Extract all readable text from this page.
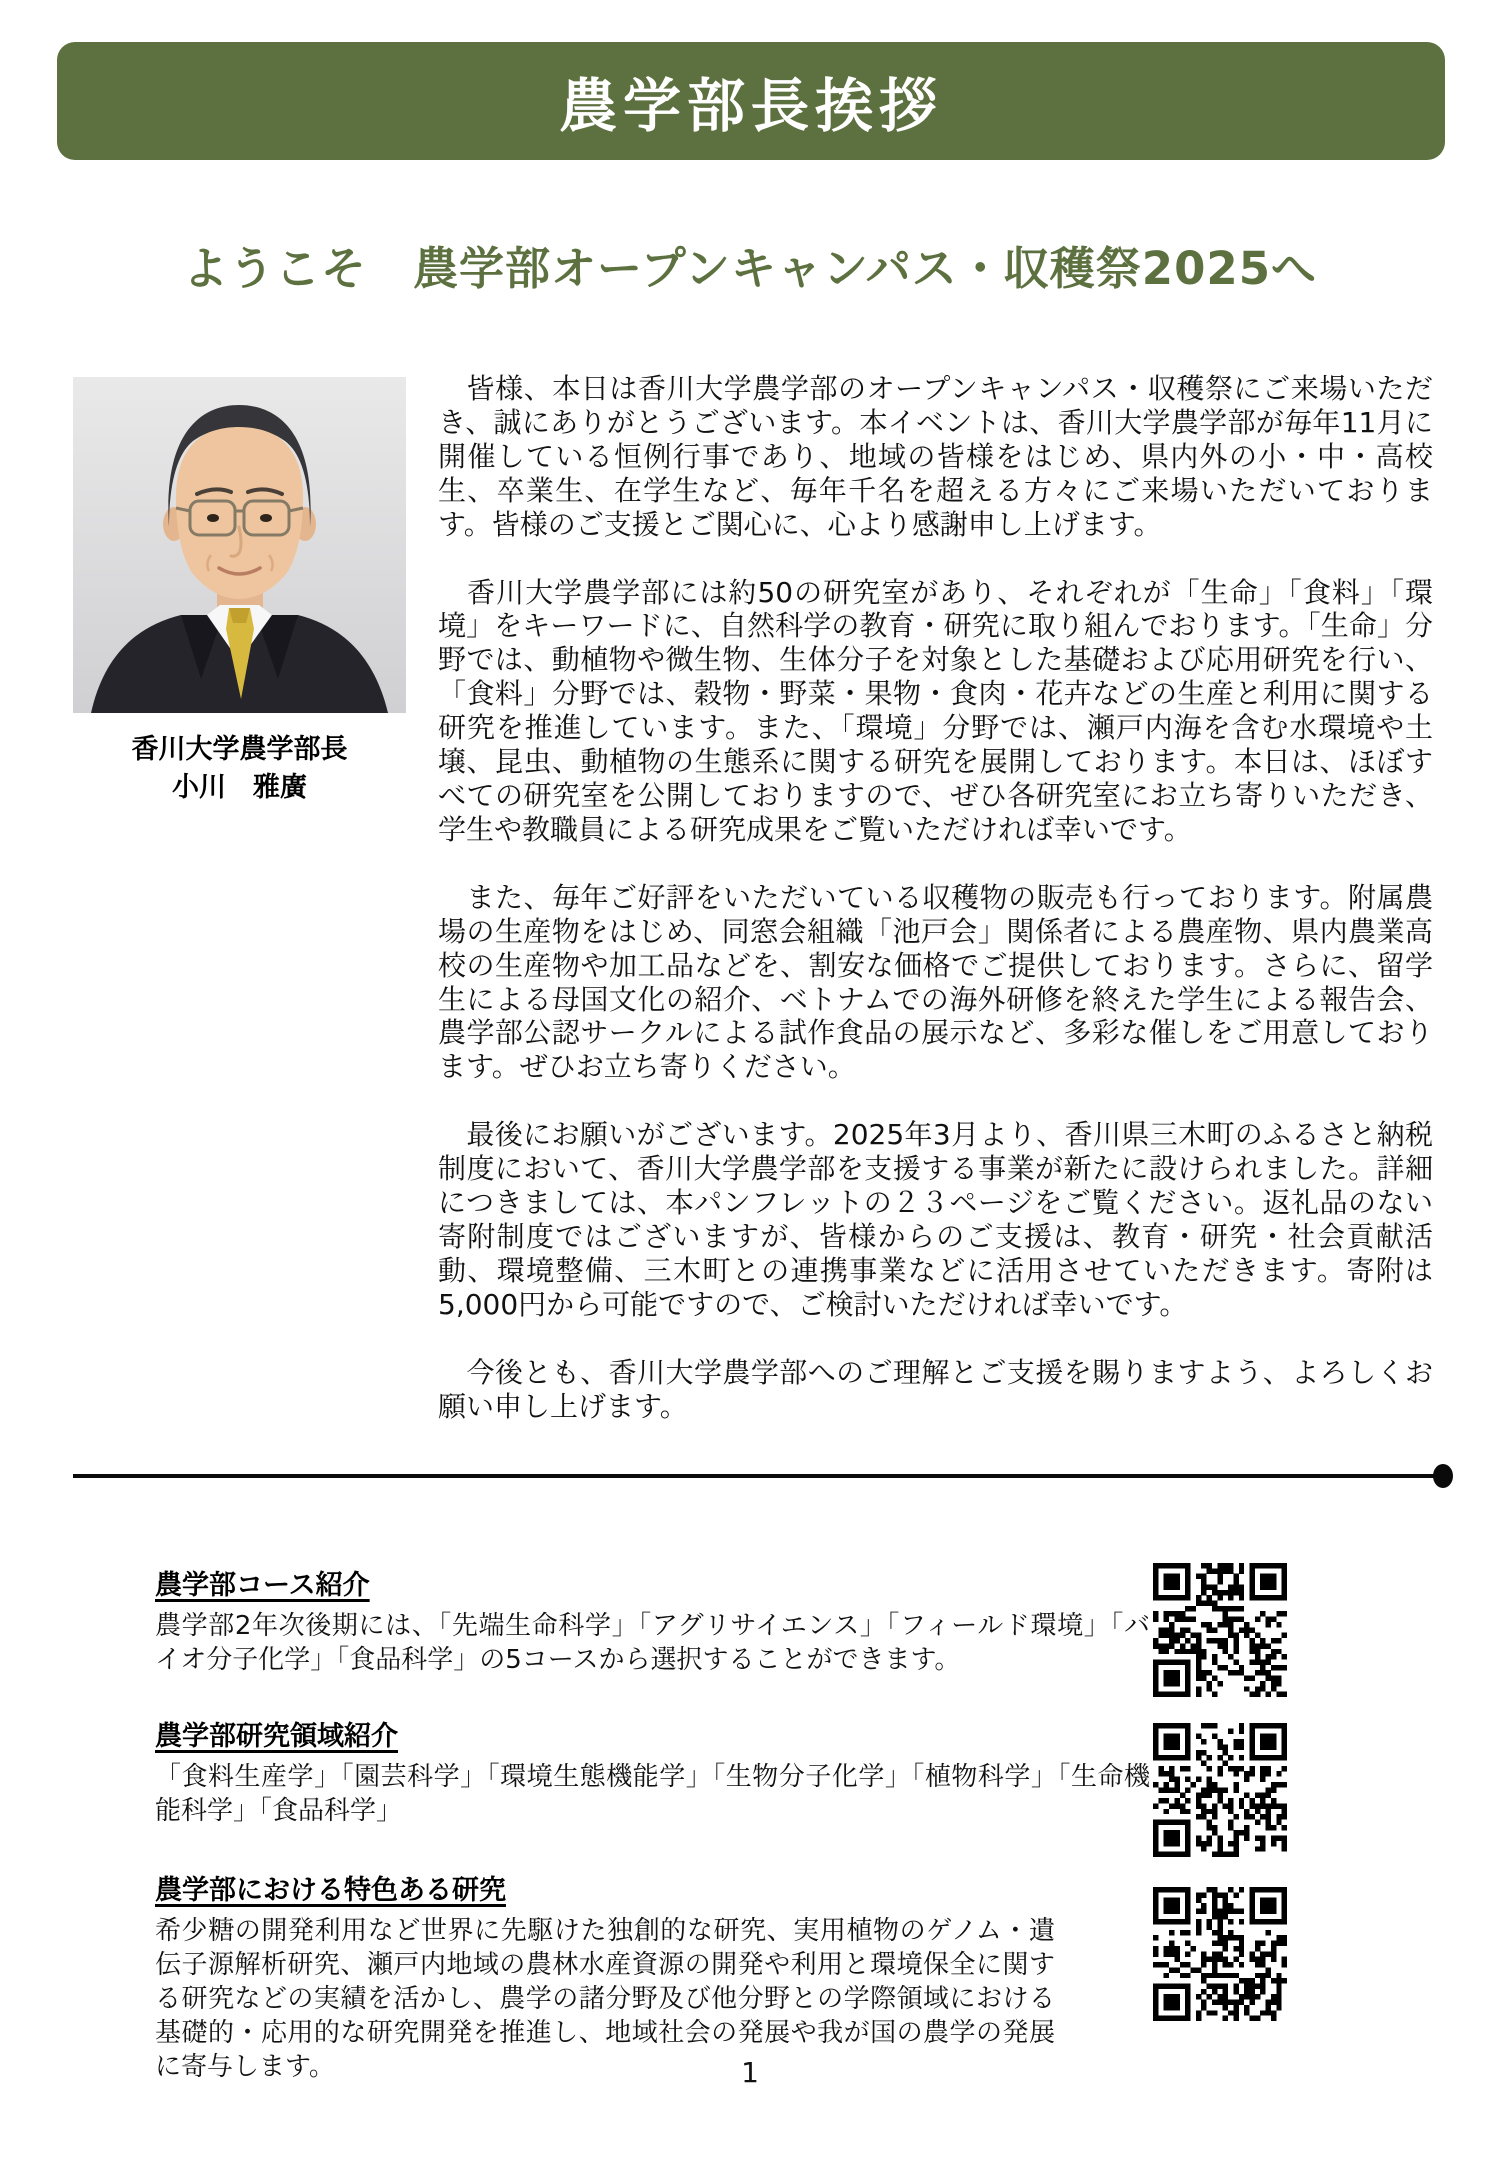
農学部長挨拶
ようこそ　農学部オープンキャンパス・収穫祭2025へ
香川大学農学部長
小川　雅廣

　皆様、本日は香川大学農学部のオープンキャンパス・収穫祭にご来場いただき、誠にありがとうございます。本イベントは、香川大学農学部が毎年11月に開催している恒例行事であり、地域の皆様をはじめ、県内外の小・中・高校生、卒業生、在学生など、毎年千名を超える方々にご来場いただいております。皆様のご支援とご関心に、心より感謝申し上げます。

　香川大学農学部には約50の研究室があり、それぞれが「生命」「食料」「環境」をキーワードに、自然科学の教育・研究に取り組んでおります。「生命」分野では、動植物や微生物、生体分子を対象とした基礎および応用研究を行い、「食料」分野では、穀物・野菜・果物・食肉・花卉などの生産と利用に関する研究を推進しています。また、「環境」分野では、瀬戸内海を含む水環境や土壌、昆虫、動植物の生態系に関する研究を展開しております。本日は、ほぼすべての研究室を公開しておりますので、ぜひ各研究室にお立ち寄りいただき、学生や教職員による研究成果をご覧いただければ幸いです。

　また、毎年ご好評をいただいている収穫物の販売も行っております。附属農場の生産物をはじめ、同窓会組織「池戸会」関係者による農産物、県内農業高校の生産物や加工品などを、割安な価格でご提供しております。さらに、留学生による母国文化の紹介、ベトナムでの海外研修を終えた学生による報告会、農学部公認サークルによる試作食品の展示など、多彩な催しをご用意しております。ぜひお立ち寄りください。

　最後にお願いがございます。2025年3月より、香川県三木町のふるさと納税制度において、香川大学農学部を支援する事業が新たに設けられました。詳細につきましては、本パンフレットの２３ページをご覧ください。返礼品のない寄附制度ではございますが、皆様からのご支援は、教育・研究・社会貢献活動、環境整備、三木町との連携事業などに活用させていただきます。寄附は5,000円から可能ですので、ご検討いただければ幸いです。

　今後とも、香川大学農学部へのご理解とご支援を賜りますよう、よろしくお願い申し上げます。

農学部コース紹介

農学部2年次後期には、「先端生命科学」「アグリサイエンス」「フィールド環境」「バイオ分子化学」「食品科学」の5コースから選択することができます。

農学部研究領域紹介

「食料生産学」「園芸科学」「環境生態機能学」「生物分子化学」「植物科学」「生命機能科学」「食品科学」

農学部における特色ある研究

希少糖の開発利用など世界に先駆けた独創的な研究、実用植物のゲノム・遺伝子源解析研究、瀬戸内地域の農林水産資源の開発や利用と環境保全に関する研究などの実績を活かし、農学の諸分野及び他分野との学際領域における基礎的・応用的な研究開発を推進し、地域社会の発展や我が国の農学の発展に寄与します。	1
